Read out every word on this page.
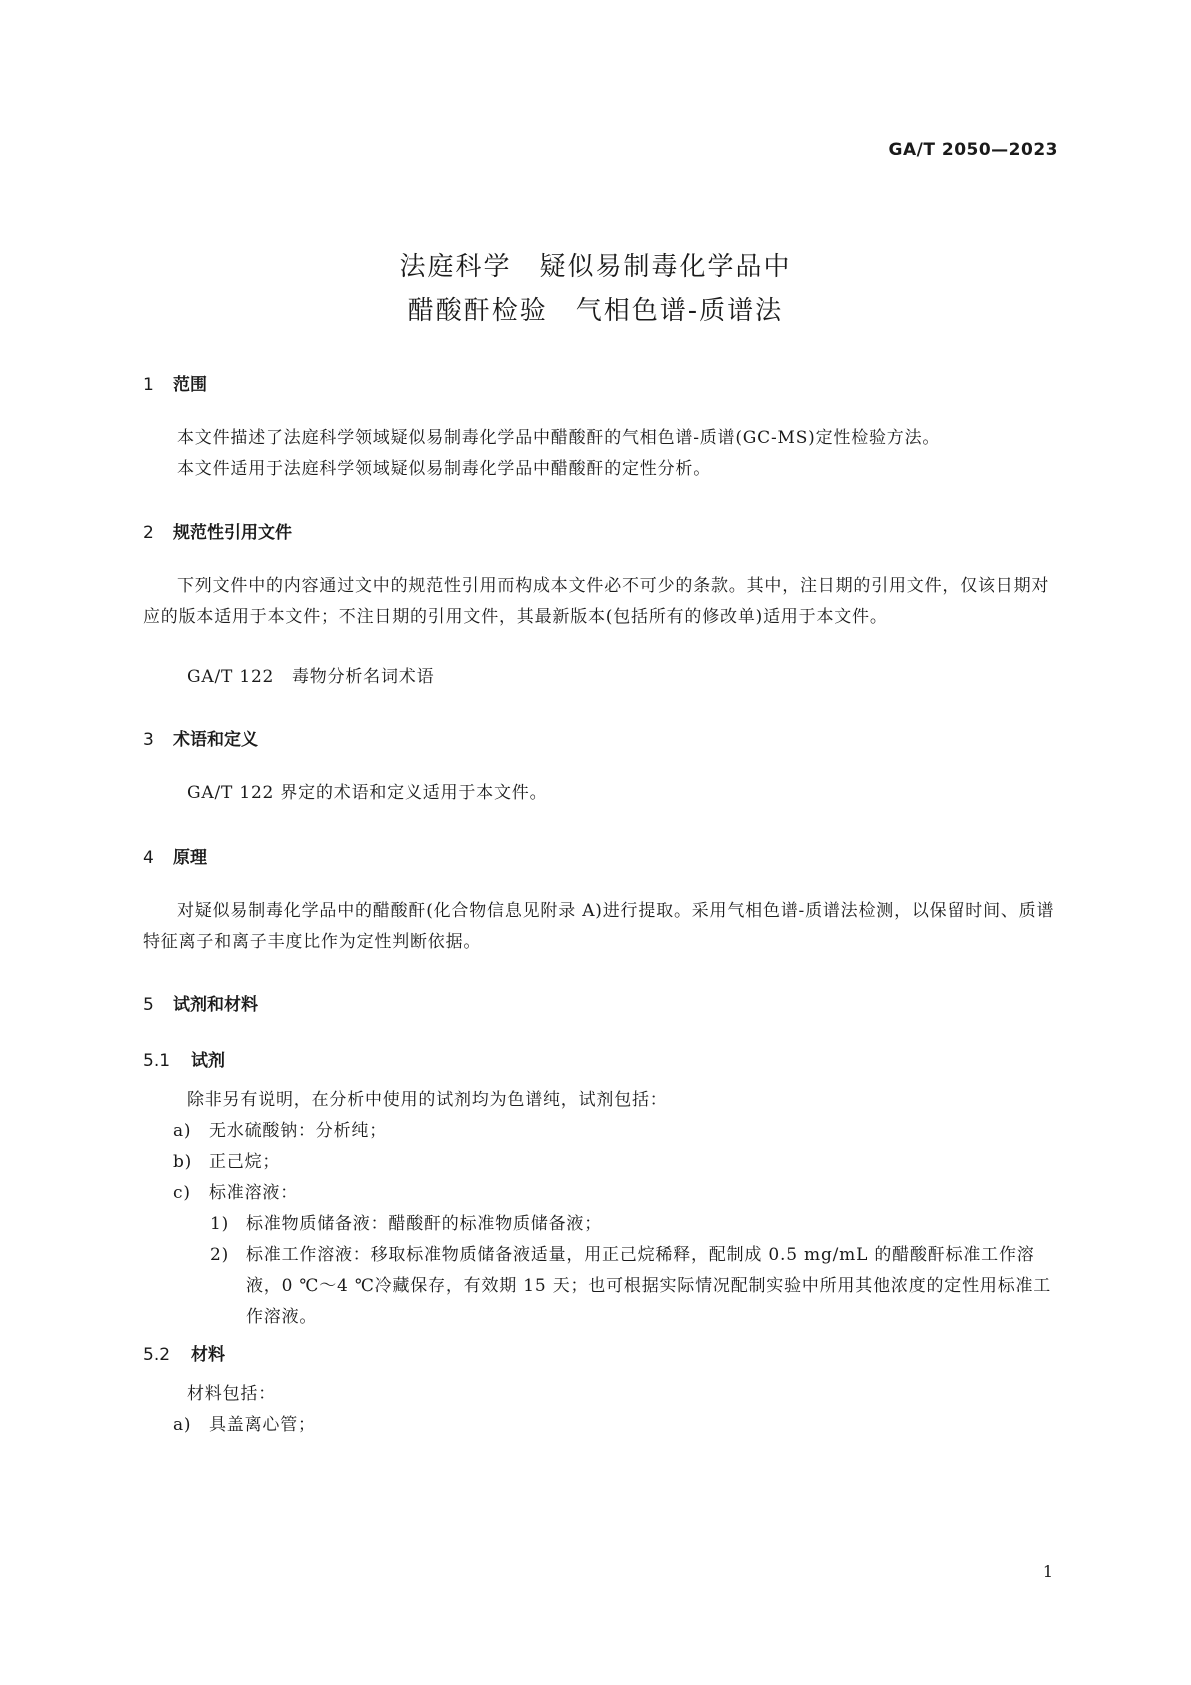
GA/T 2050—2023
法庭科学　疑似易制毒化学品中
醋酸酐检验　气相色谱-质谱法
1 范围

本文件描述了法庭科学领域疑似易制毒化学品中醋酸酐的气相色谱-质谱(GC-MS)定性检验方法。

本文件适用于法庭科学领域疑似易制毒化学品中醋酸酐的定性分析。

2 规范性引用文件

下列文件中的内容通过文中的规范性引用而构成本文件必不可少的条款。其中，注日期的引用文件，仅该日期对应的版本适用于本文件；不注日期的引用文件，其最新版本(包括所有的修改单)适用于本文件。

GA/T 122　毒物分析名词术语

3 术语和定义

GA/T 122 界定的术语和定义适用于本文件。

4 原理

对疑似易制毒化学品中的醋酸酐(化合物信息见附录 A)进行提取。采用气相色谱-质谱法检测，以保留时间、质谱特征离子和离子丰度比作为定性判断依据。

5 试剂和材料
5.1 试剂

除非另有说明，在分析中使用的试剂均为色谱纯，试剂包括：

a) 无水硫酸钠：分析纯；
b) 正己烷；
c) 标准溶液：
1) 标准物质储备液：醋酸酐的标准物质储备液；
2) 标准工作溶液：移取标准物质储备液适量，用正己烷稀释，配制成 0.5 mg/mL 的醋酸酐标准工作溶液，0 ℃～4 ℃冷藏保存，有效期 15 天；也可根据实际情况配制实验中所用其他浓度的定性用标准工作溶液。
5.2 材料

材料包括：

a) 具盖离心管；
1
